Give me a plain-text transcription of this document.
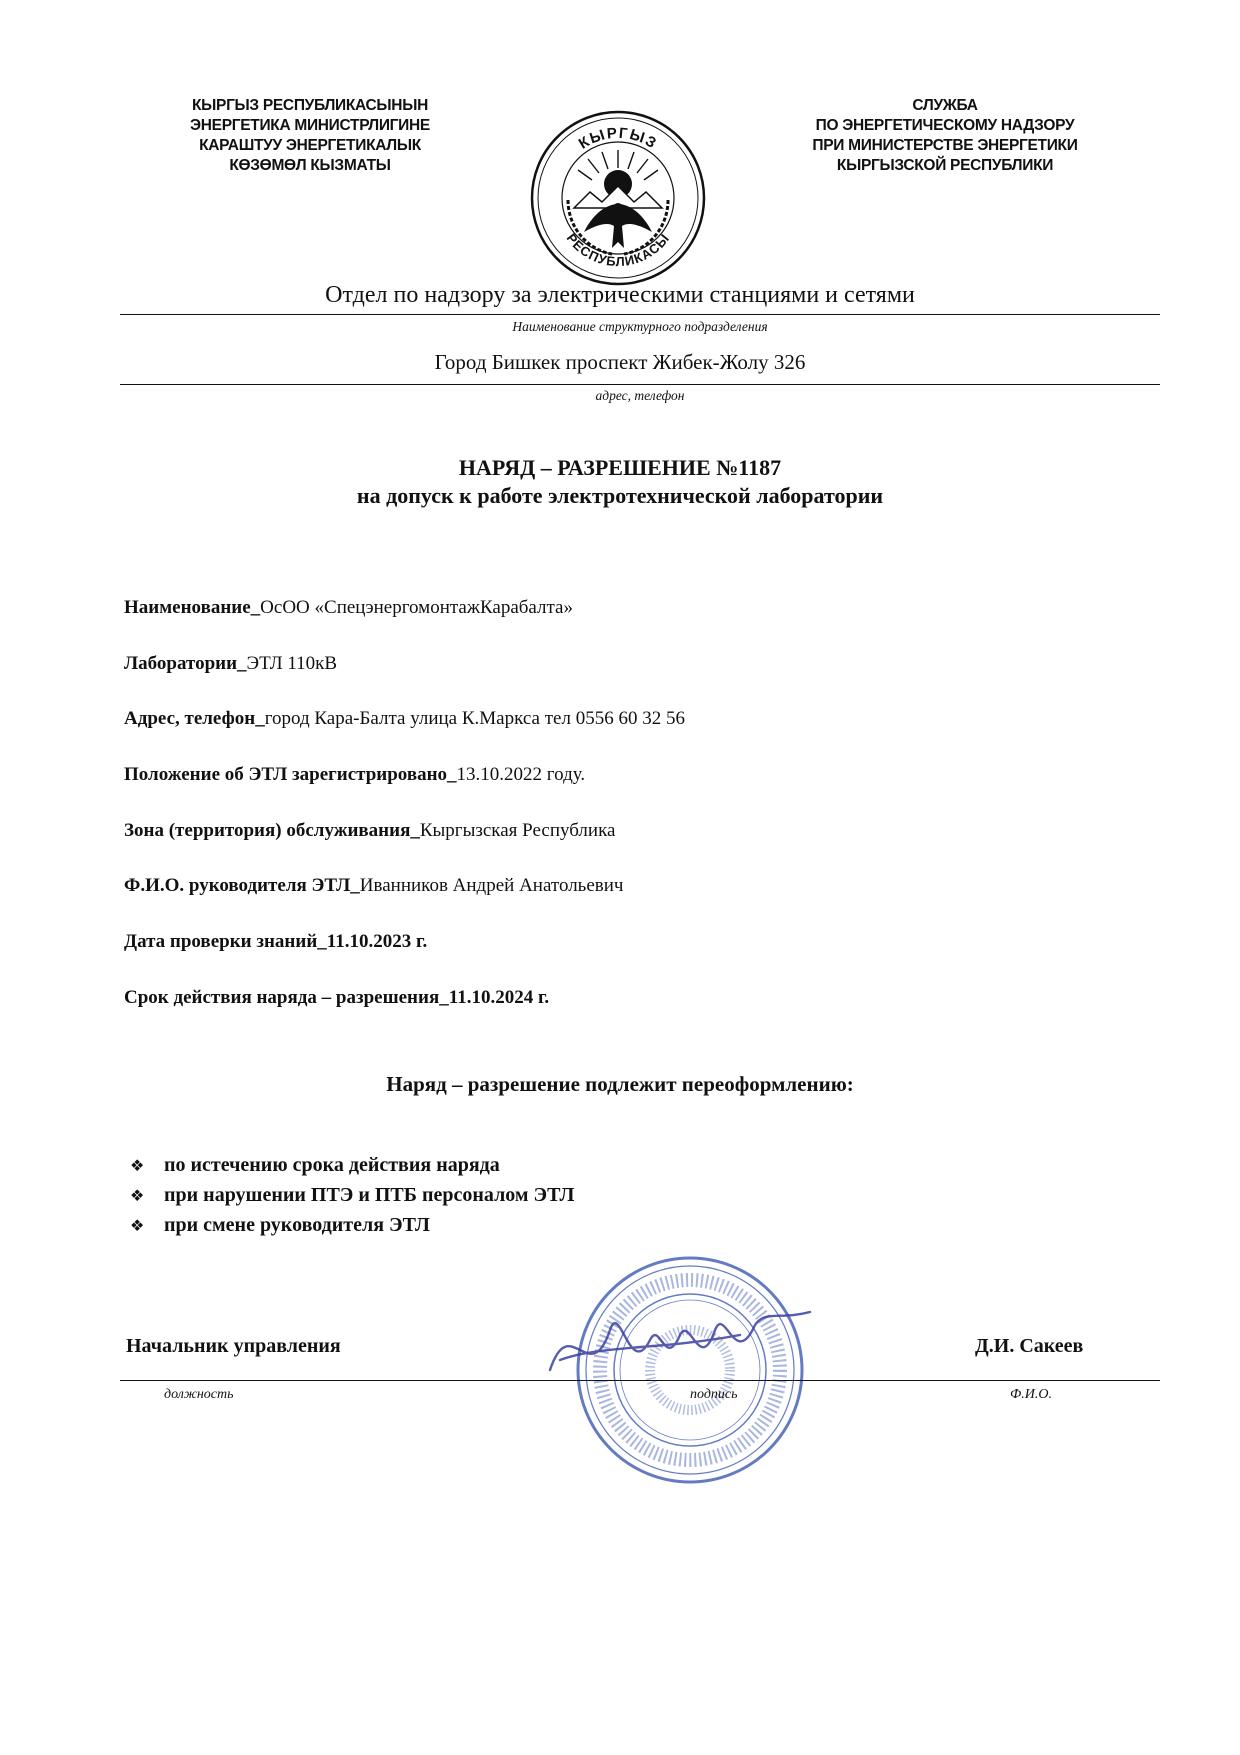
КЫРГЫЗ РЕСПУБЛИКАСЫНЫН
ЭНЕРГЕТИКА МИНИСТРЛИГИНЕ
КАРАШТУУ ЭНЕРГЕТИКАЛЫК
КӨЗӨМӨЛ КЫЗМАТЫ
КЫРГЫЗ
РЕСПУБЛИКАСЫ
СЛУЖБА
ПО ЭНЕРГЕТИЧЕСКОМУ НАДЗОРУ
ПРИ МИНИСТЕРСТВЕ ЭНЕРГЕТИКИ
КЫРГЫЗСКОЙ РЕСПУБЛИКИ
Отдел по надзору за электрическими станциями и сетями
Наименование структурного подразделения
Город Бишкек проспект Жибек-Жолу 326
адрес, телефон
НАРЯД – РАЗРЕШЕНИЕ №1187
на допуск к работе электротехнической лаборатории
Наименование_ОсОО «СпецэнергомонтажКарабалта»
Лаборатории_ЭТЛ 110кВ
Адрес, телефон_город Кара-Балта улица К.Маркса тел 0556 60 32 56
Положение об ЭТЛ зарегистрировано_13.10.2022 году.
Зона (территория) обслуживания_Кыргызская Республика
Ф.И.О. руководителя ЭТЛ_Иванников Андрей Анатольевич
Дата проверки знаний_11.10.2023 г.
Срок действия наряда – разрешения_11.10.2024 г.
Наряд – разрешение подлежит переоформлению:
❖ по истечению срока действия наряда
❖ при нарушении ПТЭ и ПТБ персоналом ЭТЛ
❖ при смене руководителя ЭТЛ
Начальник управления	Д.И. Сакеев
должность	подпись	Ф.И.О.
